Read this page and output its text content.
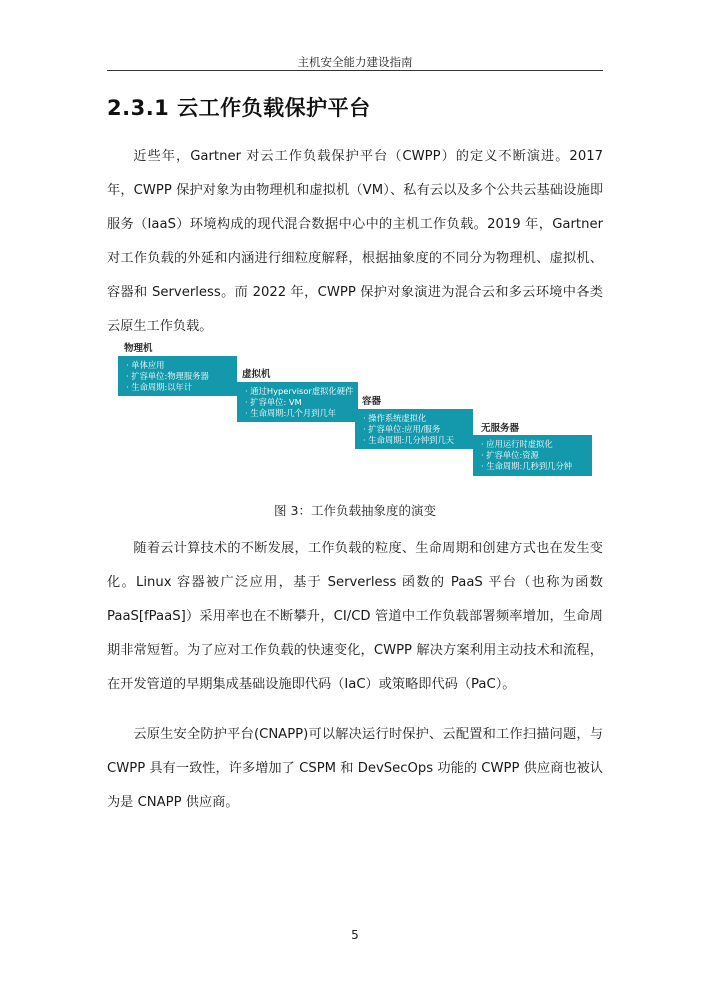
主机安全能力建设指南
2.3.1 云工作负载保护平台

近些年，Gartner 对云工作负载保护平台（CWPP）的定义不断演进。2017 年，CWPP 保护对象为由物理机和虚拟机（VM）、私有云以及多个公共云基础设施即服务（IaaS）环境构成的现代混合数据中心中的主机工作负载。2019 年，Gartner 对工作负载的外延和内涵进行细粒度解释，根据抽象度的不同分为物理机、虚拟机、容器和 Serverless。而 2022 年，CWPP 保护对象演进为混合云和多云环境中各类云原生工作负载。

物理机
· 单体应用
· 扩容单位:物理服务器
· 生命周期:以年计
虚拟机
· 通过Hypervisor虚拟化硬件
· 扩容单位: VM
· 生命周期:几个月到几年
容器
· 操作系统虚拟化
· 扩容单位:应用/服务
· 生命周期:几分钟到几天
无服务器
· 应用运行时虚拟化
· 扩容单位:资源
· 生命周期:几秒到几分钟

图 3：工作负载抽象度的演变

随着云计算技术的不断发展，工作负载的粒度、生命周期和创建方式也在发生变化。Linux 容器被广泛应用，基于 Serverless 函数的 PaaS 平台（也称为函数 PaaS[fPaaS]）采用率也在不断攀升，CI/CD 管道中工作负载部署频率增加，生命周期非常短暂。为了应对工作负载的快速变化，CWPP 解决方案利用主动技术和流程，在开发管道的早期集成基础设施即代码（IaC）或策略即代码（PaC）。

云原生安全防护平台(CNAPP)可以解决运行时保护、云配置和工作扫描问题，与 CWPP 具有一致性，许多增加了 CSPM 和 DevSecOps 功能的 CWPP 供应商也被认为是 CNAPP 供应商。

5
